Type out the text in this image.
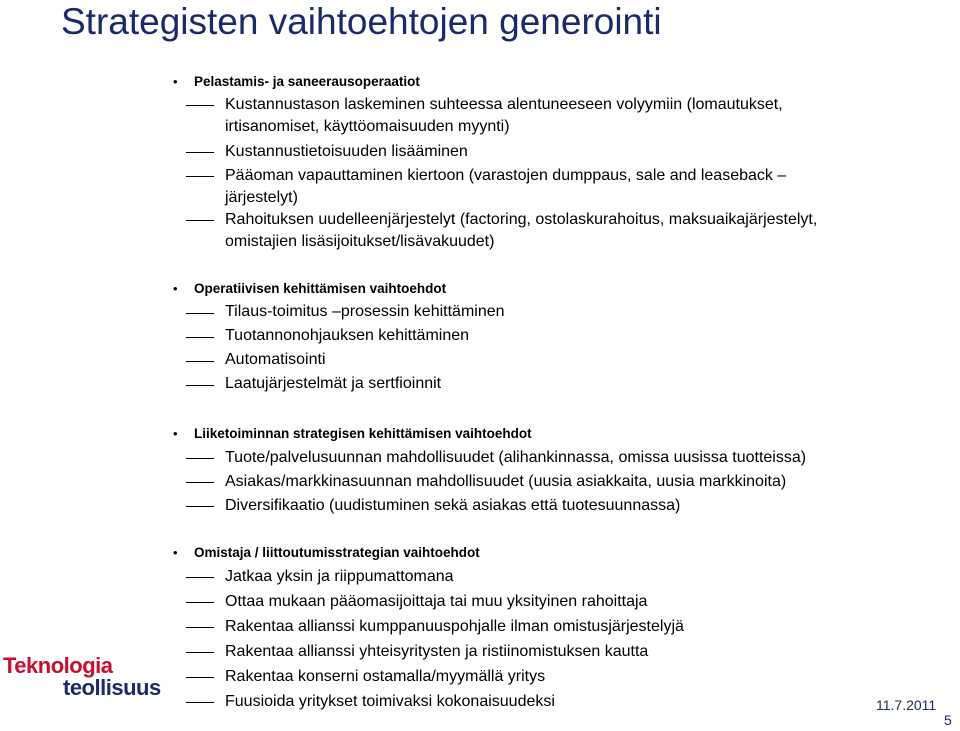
Strategisten vaihtoehtojen generointi
• Pelastamis- ja saneerausoperaatiot
Kustannustason laskeminen suhteessa alentuneeseen volyymiin (lomautukset,
irtisanomiset, käyttöomaisuuden myynti)
Kustannustietoisuuden lisääminen
Pääoman vapauttaminen kiertoon (varastojen dumppaus, sale and leaseback –
järjestelyt)
Rahoituksen uudelleenjärjestelyt (factoring, ostolaskurahoitus, maksuaikajärjestelyt,
omistajien lisäsijoitukset/lisävakuudet)
• Operatiivisen kehittämisen vaihtoehdot
Tilaus-toimitus –prosessin kehittäminen
Tuotannonohjauksen kehittäminen
Automatisointi
Laatujärjestelmät ja sertfioinnit
• Liiketoiminnan strategisen kehittämisen vaihtoehdot
Tuote/palvelusuunnan mahdollisuudet (alihankinnassa, omissa uusissa tuotteissa)
Asiakas/markkinasuunnan mahdollisuudet (uusia asiakkaita, uusia markkinoita)
Diversifikaatio (uudistuminen sekä asiakas että tuotesuunnassa)
• Omistaja / liittoutumisstrategian vaihtoehdot
Jatkaa yksin ja riippumattomana
Ottaa mukaan pääomasijoittaja tai muu yksityinen rahoittaja
Rakentaa allianssi kumppanuuspohjalle ilman omistusjärjestelyjä
Rakentaa allianssi yhteisyritysten ja ristiinomistuksen kautta
Rakentaa konserni ostamalla/myymällä yritys
Fuusioida yritykset toimivaksi kokonaisuudeksi
Teknologia
teollisuus
11.7.2011
5
